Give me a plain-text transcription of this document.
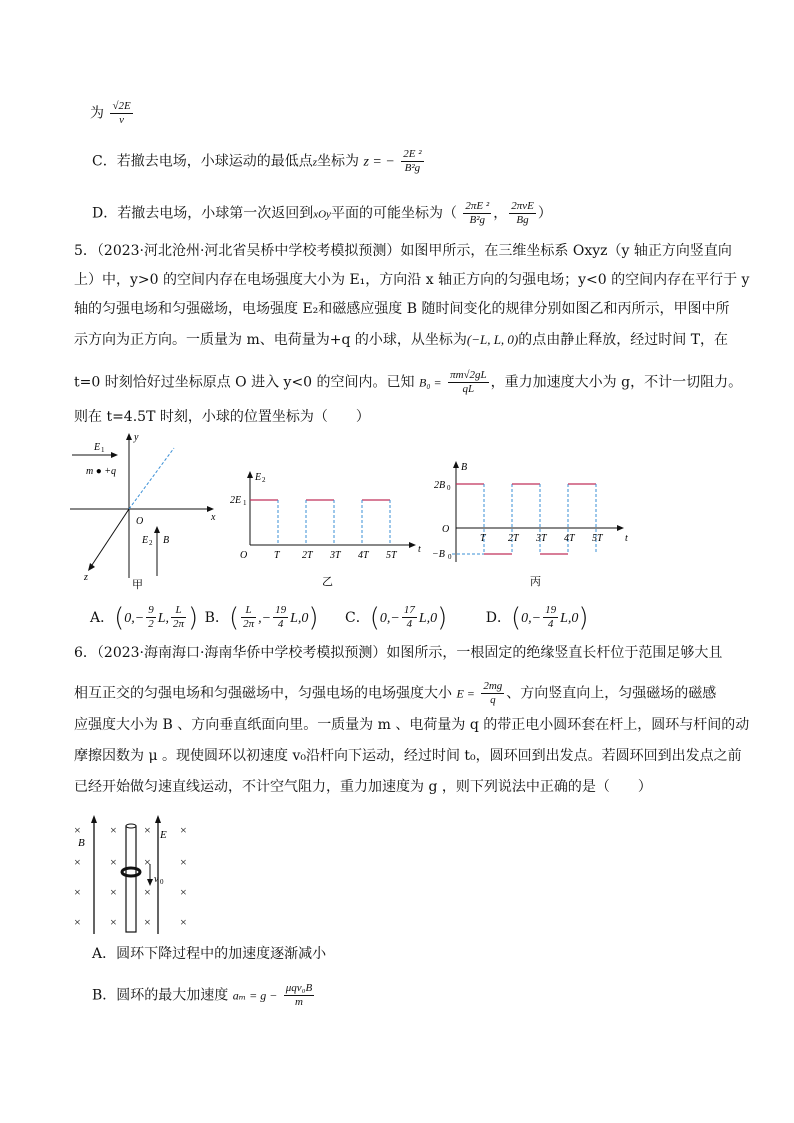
为 $\frac{√2E}{v}$
C．若撤去电场，小球运动的最低点z坐标为 z = − $\frac{\text{2E ²}}{\text{B²g}}$
D．若撤去电场，小球第一次返回到xOy平面的可能坐标为（ $\frac{\text{2πE ²}}{\text{B²g}}$ ， $\frac{\text{2πvE}}{Bg}$ ）
5．（2023·河北沧州·河北省吴桥中学校考模拟预测）如图甲所示，在三维坐标系 Oxyz（y 轴正方向竖直向
上）中，y>0 的空间内存在电场强度大小为 E₁，方向沿 x 轴正方向的匀强电场；y<0 的空间内存在平行于 y
轴的匀强电场和匀强磁场，电场强度 E₂和磁感应强度 B 随时间变化的规律分别如图乙和丙所示，甲图中所
示方向为正方向。一质量为 m、电荷量为+q 的小球，从坐标为(−L, L, 0)的点由静止释放，经过时间 T，在
t=0 时刻恰好过坐标原点 O 进入 y<0 的空间内。已知 $B_0 = \frac{\pi m√2gL}{qL}$ ，重力加速度大小为 g，不计一切阻力。
则在 t=4.5T 时刻，小球的位置坐标为（　　）
E 1
m ● +q
y
x
z
O
E 2 B
甲
E 2
2E 1
O
t
T 2T 3T 4T 5T
乙
B
2B 0
O
−B 0
t
T 2T 3T 4T 5T
丙
A．($0,- \frac{9}{2} L$, $\frac{L}{2\pi}$ ) B．( $\frac{L}{2\pi}$ ,− $\frac{19}{4} L,0$) C．$(0,- \frac{17}{4} L,0)$	D．$(0,- \frac{19}{4} L,0)$
6．（2023·海南海口·海南华侨中学校考模拟预测）如图所示，一根固定的绝缘竖直长杆位于范围足够大且
相互正交的匀强电场和匀强磁场中，匀强电场的电场强度大小 $E = \frac{2mg}{q}$ 、方向竖直向上，匀强磁场的磁感
应强度大小为 B 、方向垂直纸面向里。一质量为 m 、电荷量为 q 的带正电小圆环套在杆上，圆环与杆间的动
摩擦因数为 μ 。现使圆环以初速度 v₀沿杆向下运动，经过时间 t₀，圆环回到出发点。若圆环回到出发点之前
已经开始做匀速直线运动，不计空气阻力，重力加速度为 g ，则下列说法中正确的是（　　）
× × × ×
× × × ×
× × × ×
× × × ×
v 0
B
E
A．圆环下降过程中的加速度逐渐减小
B．圆环的最大加速度 $a_m = g - \frac{\text{μqv₀B}}{m}$
